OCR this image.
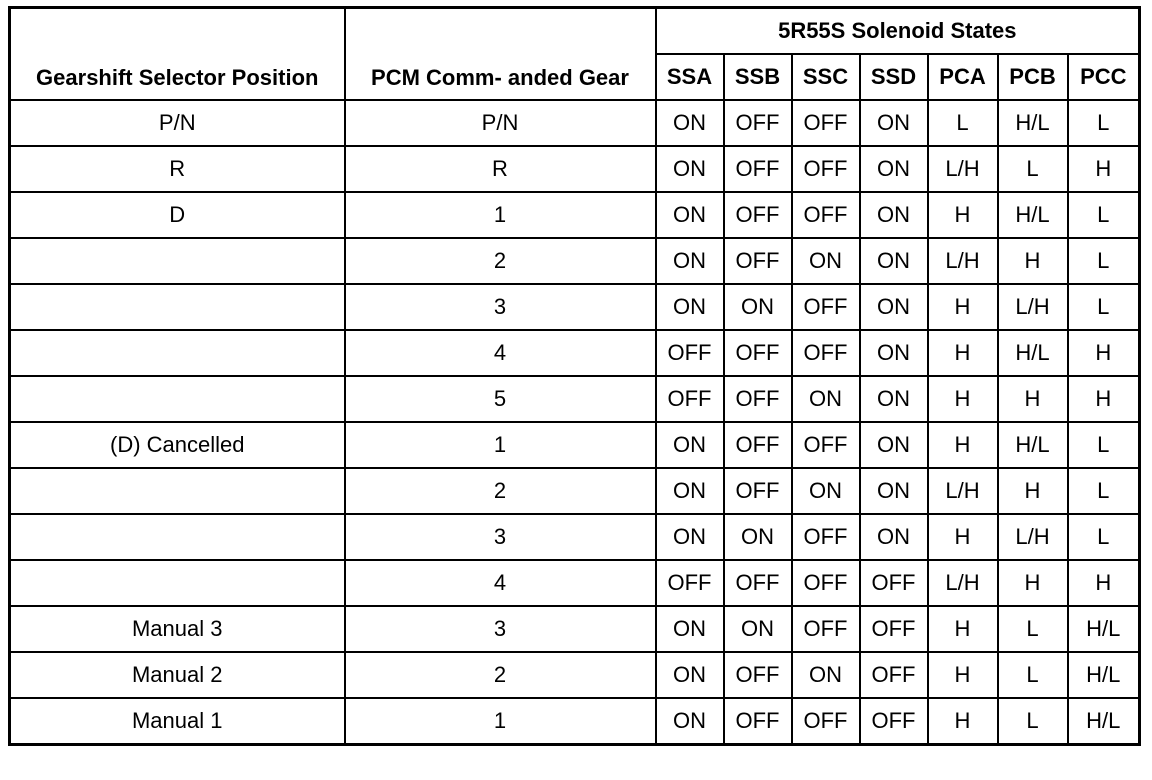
Gearshift Selector Position	PCM Comm- anded Gear	5R55S Solenoid States						
		SSA	SSB	SSC	SSD	PCA	PCB	PCC
P/N	P/N	ON	OFF	OFF	ON	L	H/L	L
R	R	ON	OFF	OFF	ON	L/H	L	H
D	1	ON	OFF	OFF	ON	H	H/L	L
	2	ON	OFF	ON	ON	L/H	H	L
	3	ON	ON	OFF	ON	H	L/H	L
	4	OFF	OFF	OFF	ON	H	H/L	H
	5	OFF	OFF	ON	ON	H	H	H
(D) Cancelled	1	ON	OFF	OFF	ON	H	H/L	L
	2	ON	OFF	ON	ON	L/H	H	L
	3	ON	ON	OFF	ON	H	L/H	L
	4	OFF	OFF	OFF	OFF	L/H	H	H
Manual 3	3	ON	ON	OFF	OFF	H	L	H/L
Manual 2	2	ON	OFF	ON	OFF	H	L	H/L
Manual 1	1	ON	OFF	OFF	OFF	H	L	H/L
